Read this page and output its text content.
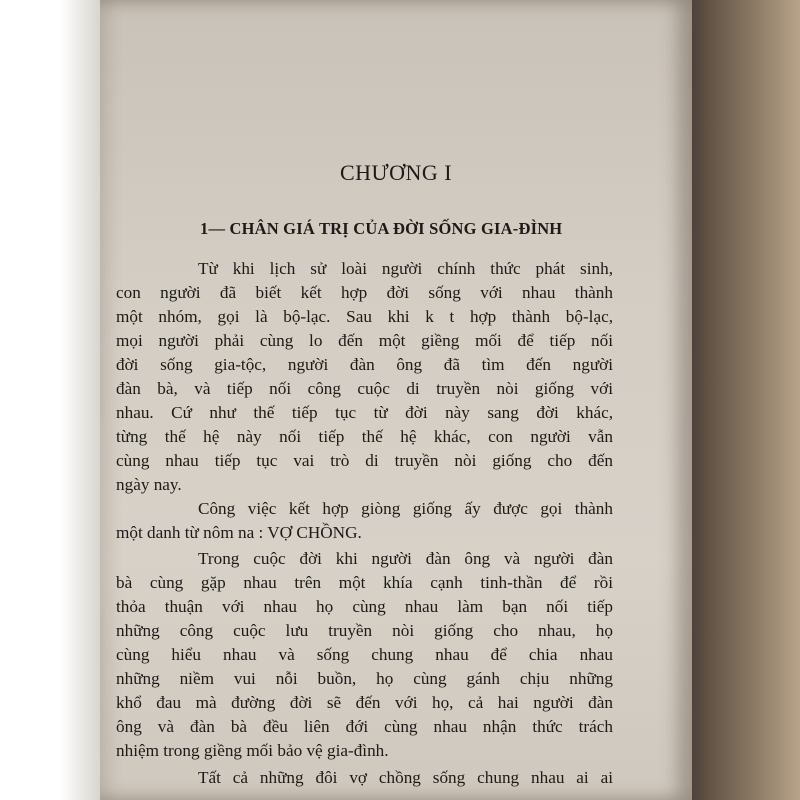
CHƯƠNG I
1— CHÂN GIÁ TRỊ CỦA ĐỜI SỐNG GIA-ĐÌNH
Từ khi lịch sử loài người chính thức phát sinh,
con người đã biết kết hợp đời sống với nhau thành
một nhóm, gọi là bộ-lạc. Sau khi k t hợp thành bộ-lạc,
mọi người phải cùng lo đến một giềng mối để tiếp nối
đời sống gia-tộc, người đàn ông đã tìm đến người
đàn bà, và tiếp nối công cuộc di truyền nòi giống với
nhau. Cứ như thế tiếp tục từ đời này sang đời khác,
từng thế hệ này nối tiếp thế hệ khác, con người vẫn
cùng nhau tiếp tục vai trò di truyền nòi giống cho đến
ngày nay.
Công việc kết hợp giòng giống ấy được gọi thành
một danh từ nôm na : VỢ CHỒNG.
Trong cuộc đời khi người đàn ông và người đàn
bà cùng gặp nhau trên một khía cạnh tinh-thần để rồi
thỏa thuận với nhau họ cùng nhau làm bạn nối tiếp
những công cuộc lưu truyền nòi giống cho nhau, họ
cùng hiểu nhau và sống chung nhau để chia nhau
những niềm vui nỗi buồn, họ cùng gánh chịu những
khổ đau mà đường đời sẽ đến với họ, cả hai người đàn
ông và đàn bà đều liên đới cùng nhau nhận thức trách
nhiệm trong giềng mối bảo vệ gia-đình.
Tất cả những đôi vợ chồng sống chung nhau ai ai
